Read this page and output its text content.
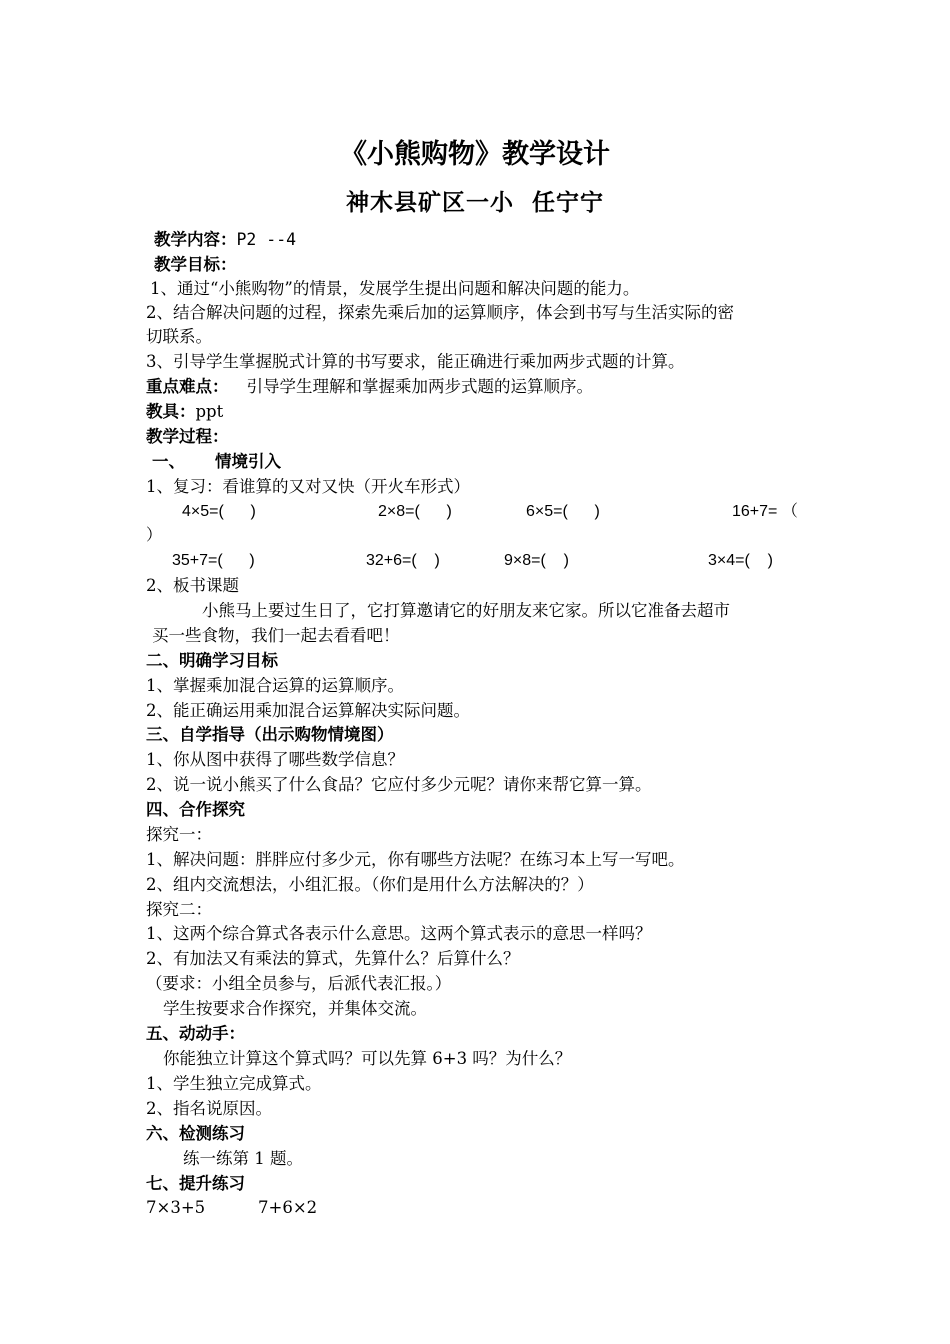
《小熊购物》教学设计
神木县矿区一小  任宁宁
教学内容：P2 --4
教学目标：
1、通过“小熊购物”的情景，发展学生提出问题和解决问题的能力。
2、结合解决问题的过程，探索先乘后加的运算顺序，体会到书写与生活实际的密
切联系。
3、引导学生掌握脱式计算的书写要求，能正确进行乘加两步式题的计算。
重点难点： 引导学生理解和掌握乘加两步式题的运算顺序。
教具：ppt
教学过程：
一、 情境引入
1、复习：看谁算的又对又快（开火车形式）
4×5=(      )	2×8=(      )	6×5=(      )	16+7= （
）
35+7=(      )	32+6=(    )	9×8=(    )	3×4=(    )
2、板书课题
小熊马上要过生日了，它打算邀请它的好朋友来它家。所以它准备去超市
买一些食物，我们一起去看看吧！
二、明确学习目标
1、掌握乘加混合运算的运算顺序。
2、能正确运用乘加混合运算解决实际问题。
三、自学指导（出示购物情境图）
1、你从图中获得了哪些数学信息？
2、说一说小熊买了什么食品？它应付多少元呢？请你来帮它算一算。
四、合作探究
探究一：
1、解决问题：胖胖应付多少元，你有哪些方法呢？在练习本上写一写吧。
2、组内交流想法，小组汇报。（你们是用什么方法解决的？）
探究二：
1、这两个综合算式各表示什么意思。这两个算式表示的意思一样吗？
2、有加法又有乘法的算式，先算什么？后算什么？
（要求：小组全员参与，后派代表汇报。）
学生按要求合作探究，并集体交流。
五、动动手：
你能独立计算这个算式吗？可以先算 6+3 吗？为什么？
1、学生独立完成算式。
2、指名说原因。
六、检测练习
练一练第 1 题。
七、提升练习
7×3+5	7+6×2
